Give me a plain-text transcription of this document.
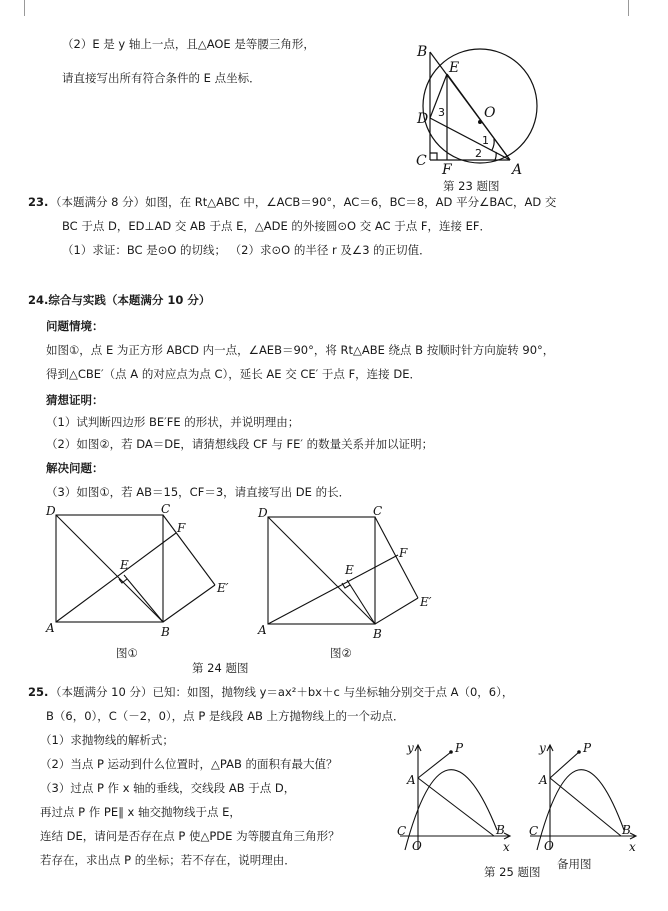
（2）E 是 y 轴上一点，且△AOE 是等腰三角形，
请直接写出所有符合条件的 E 点坐标．
B
E
O
D
C
F	A
1
2
3
第 23 题图
23. （本题满分 8 分）如图，在 Rt△ABC 中，∠ACB＝90°，AC＝6，BC＝8，AD 平分∠BAC，AD 交
BC 于点 D，ED⊥AD 交 AB 于点 E，△ADE 的外接圆⊙O 交 AC 于点 F，连接 EF．
（1）求证：BC 是⊙O 的切线； （2）求⊙O 的半径 r 及∠3 的正切值．
24.综合与实践（本题满分 10 分）
问题情境：
如图①，点 E 为正方形 ABCD 内一点，∠AEB＝90°，将 Rt△ABE 绕点 B 按顺时针方向旋转 90°，
得到△CBE′（点 A 的对应点为点 C），延长 AE 交 CE′ 于点 F，连接 DE．
猜想证明：
（1）试判断四边形 BE′FE 的形状，并说明理由；
（2）如图②，若 DA＝DE，请猜想线段 CF 与 FE′ 的数量关系并加以证明；
解决问题：
（3）如图①，若 AB＝15，CF＝3，请直接写出 DE 的长．
D	C
F
E
E′
A	B
D	C
F
E
E′
A	B
图①	图②
第 24 题图
25. （本题满分 10 分）已知：如图，抛物线 y＝ax²＋bx＋c 与坐标轴分别交于点 A（0，6），
B（6，0），C（－2，0），点 P 是线段 AB 上方抛物线上的一个动点．
（1）求抛物线的解析式；
（2）当点 P 运动到什么位置时，△PAB 的面积有最大值？
（3）过点 P 作 x 轴的垂线，交线段 AB 于点 D，
再过点 P 作 PE∥ x 轴交抛物线于点 E，
连结 DE，请问是否存在点 P 使△PDE 为等腰直角三角形？
若存在，求出点 P 的坐标；若不存在，说明理由．
y	P
A
C
O
B
x
y	P
A
C
O
B
x
备用图
第 25 题图
